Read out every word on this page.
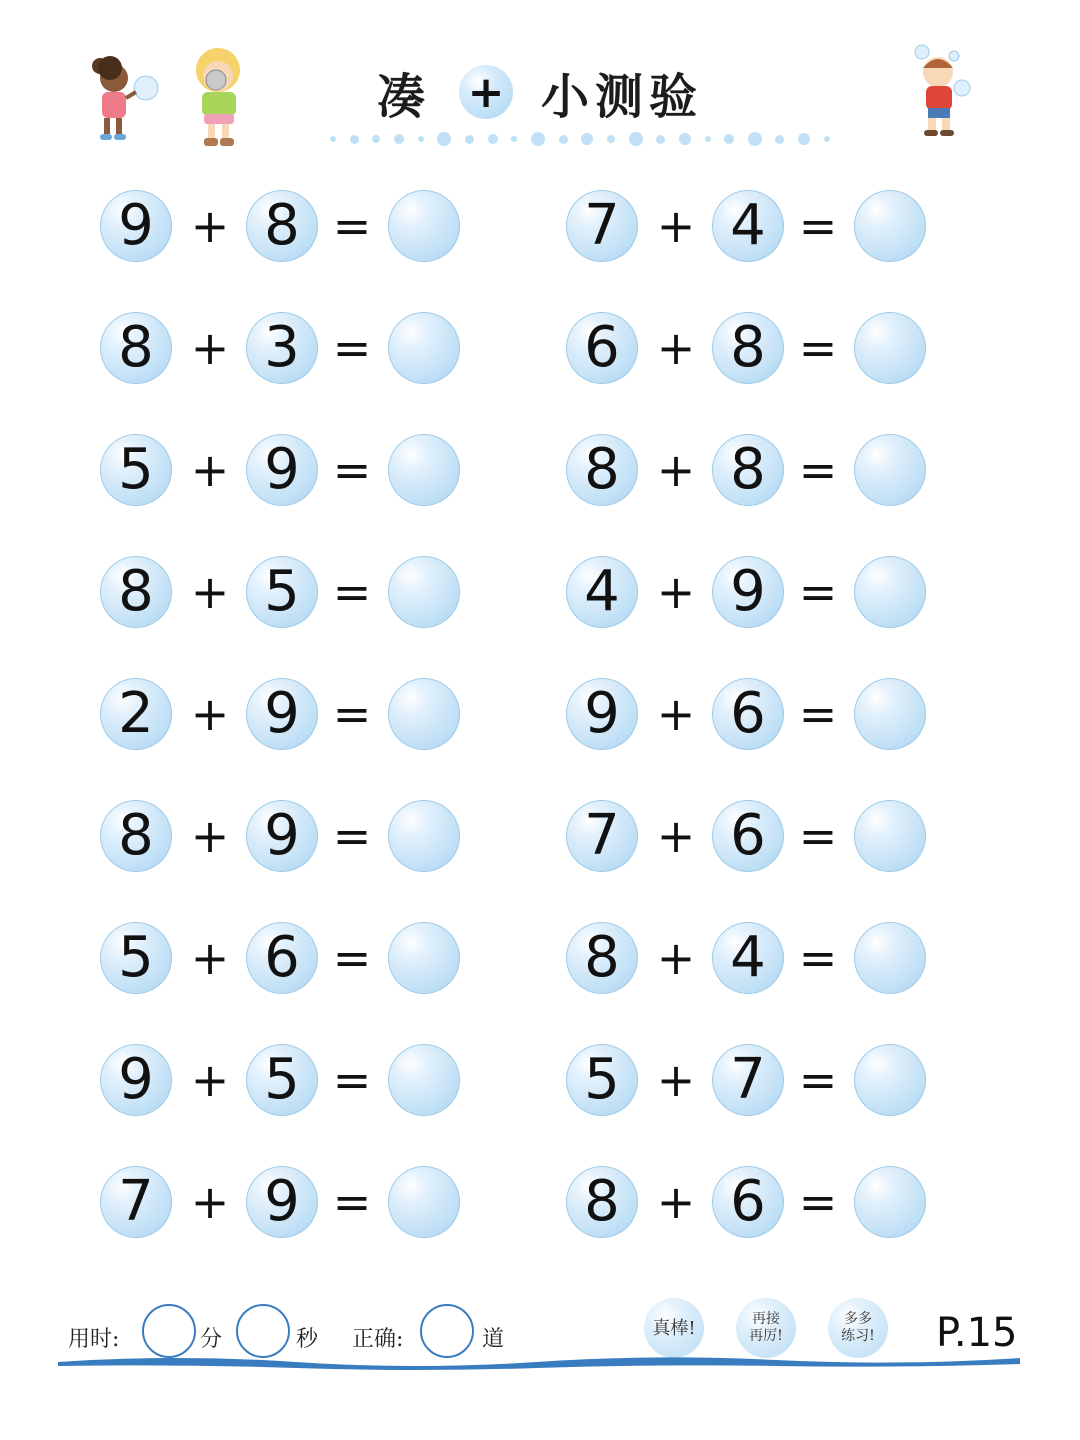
凑 + 小测验
9 + 8 =	7 + 4 =
8 + 3 =	6 + 8 =
5 + 9 =	8 + 8 =
8 + 5 =	4 + 9 =
2 + 9 =	9 + 6 =
8 + 9 =	7 + 6 =
5 + 6 =	8 + 4 =
9 + 5 =	5 + 7 =
7 + 9 =	8 + 6 =
用时:	分	秒 正确:	道	真棒!	再接
再厉!
多多
练习! P.15
